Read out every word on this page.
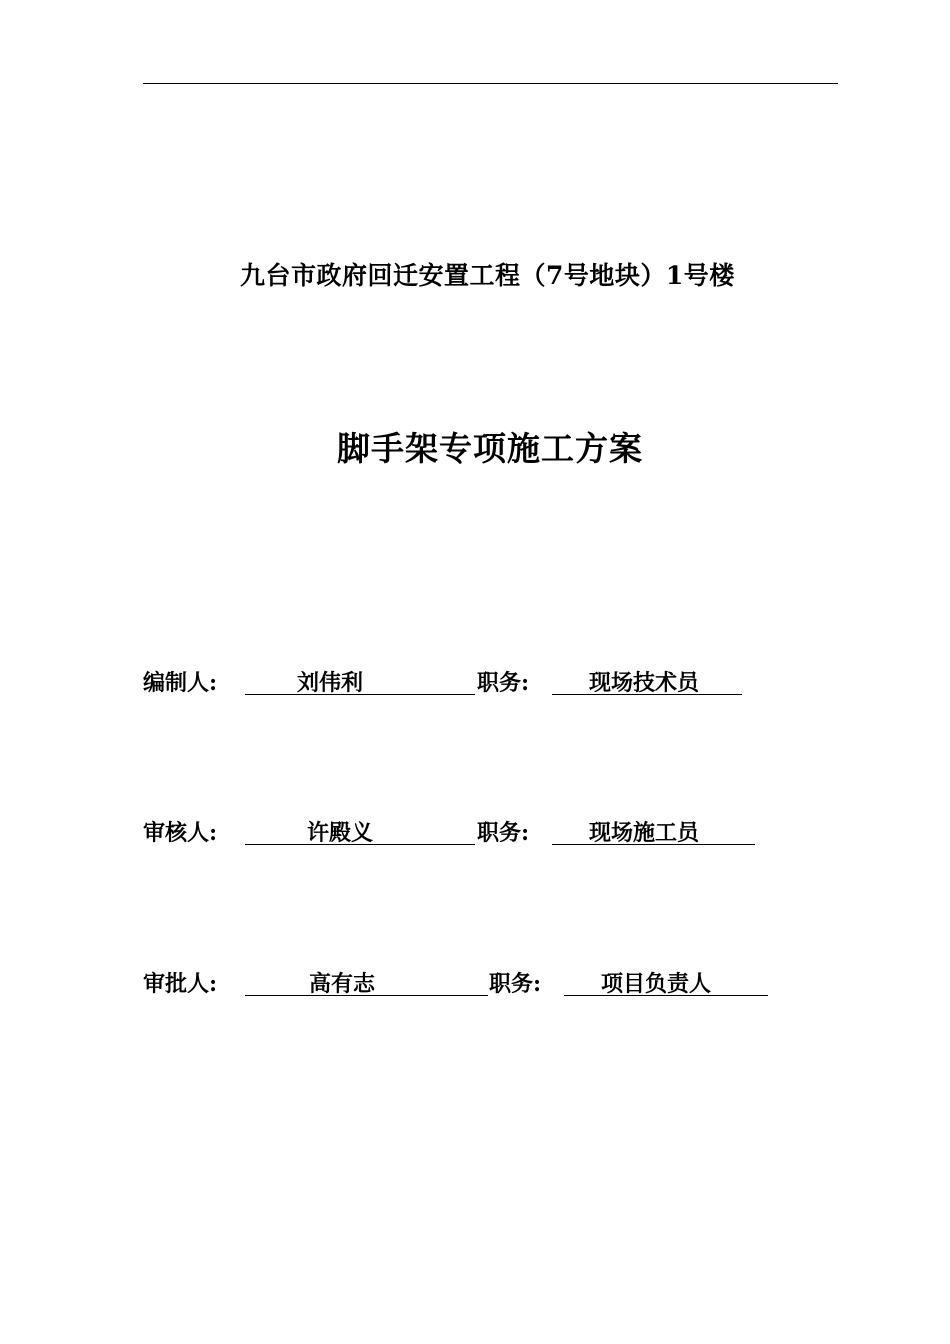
九台市政府回迁安置工程（7号地块）1号楼
脚手架专项施工方案
编制人:	刘伟利	职务:	现场技术员
审核人:	许殿义	职务:	现场施工员
审批人:	高有志	职务:	项目负责人
